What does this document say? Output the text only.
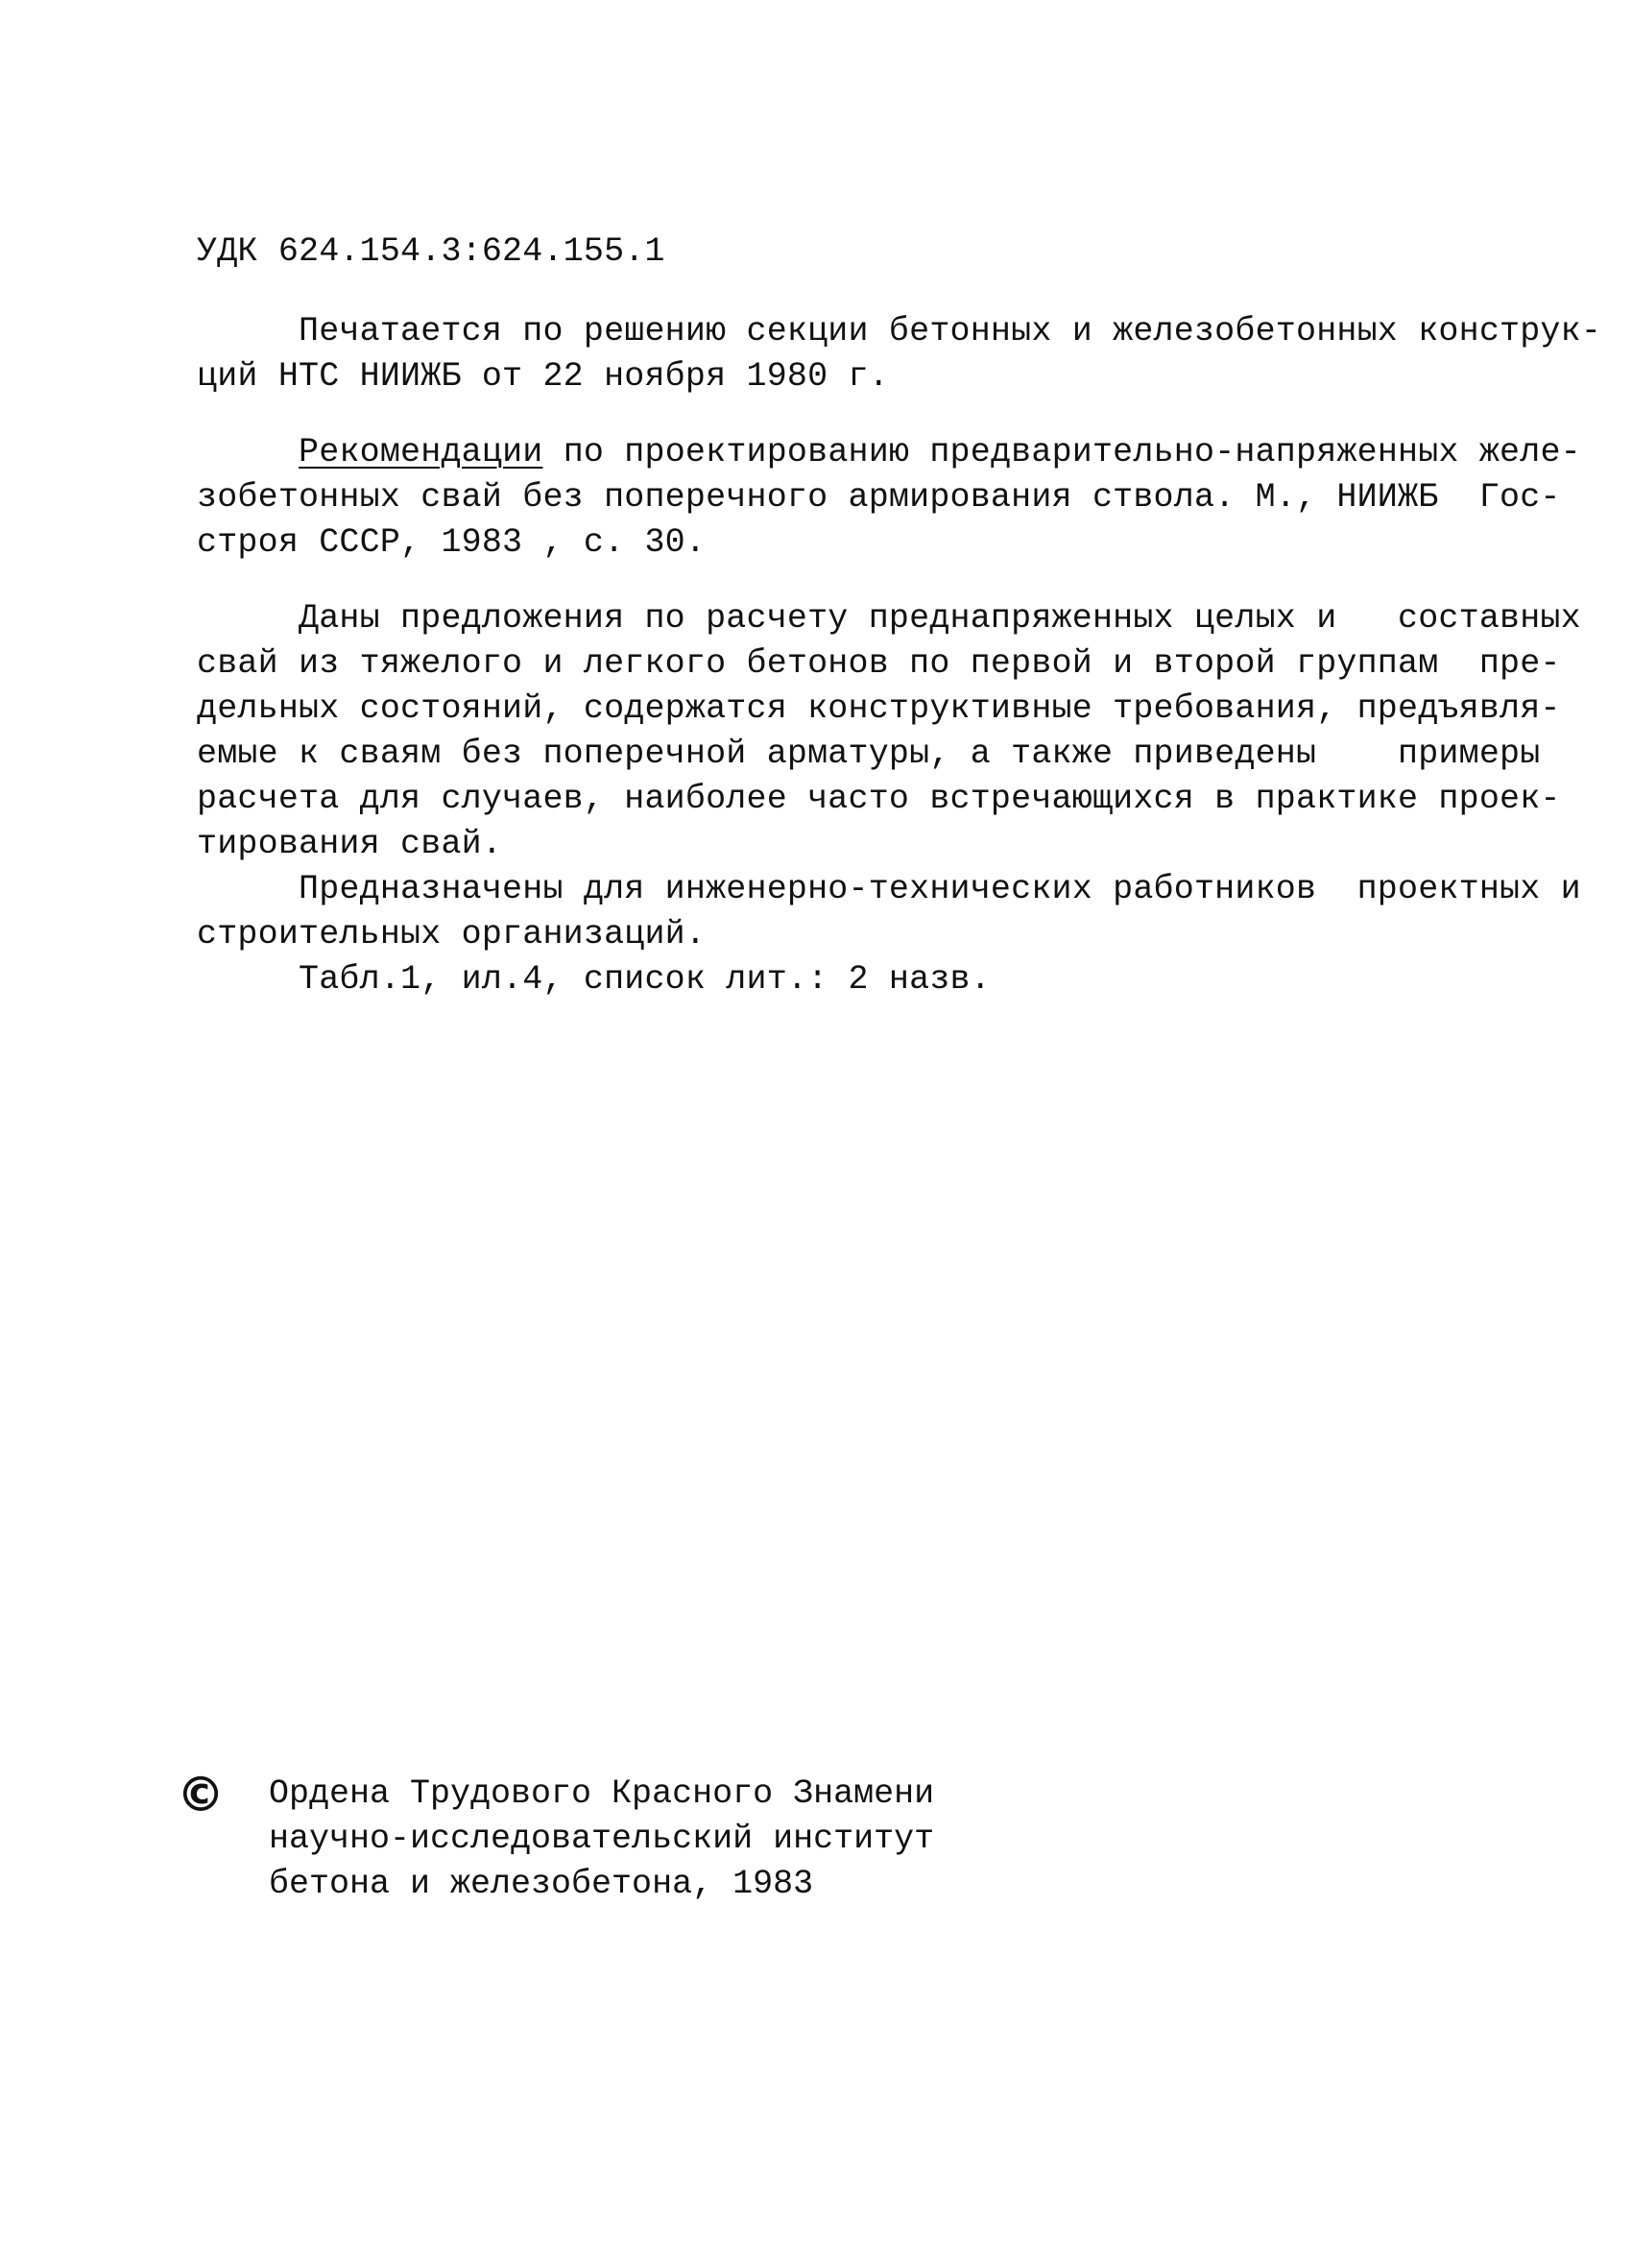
УДК 624.154.3:624.155.1
Печатается по решению секции бетонных и железобетонных конструк-
ций НТС НИИЖБ от 22 ноября 1980 г.
Рекомендации по проектированию предварительно-напряженных желе-
зобетонных свай без поперечного армирования ствола. М., НИИЖБ  Гос-
строя СССР, 1983 , с. 30.
Даны предложения по расчету преднапряженных целых и   составных
свай из тяжелого и легкого бетонов по первой и второй группам  пре-
дельных состояний, содержатся конструктивные требования, предъявля-
емые к сваям без поперечной арматуры, а также приведены    примеры
расчета для случаев, наиболее часто встречающихся в практике проек-
тирования свай.
Предназначены для инженерно-технических работников  проектных и
строительных организаций.
Табл.1, ил.4, список лит.: 2 назв.
© Ордена Трудового Красного Знамени
научно-исследовательский институт
бетона и железобетона, 1983
